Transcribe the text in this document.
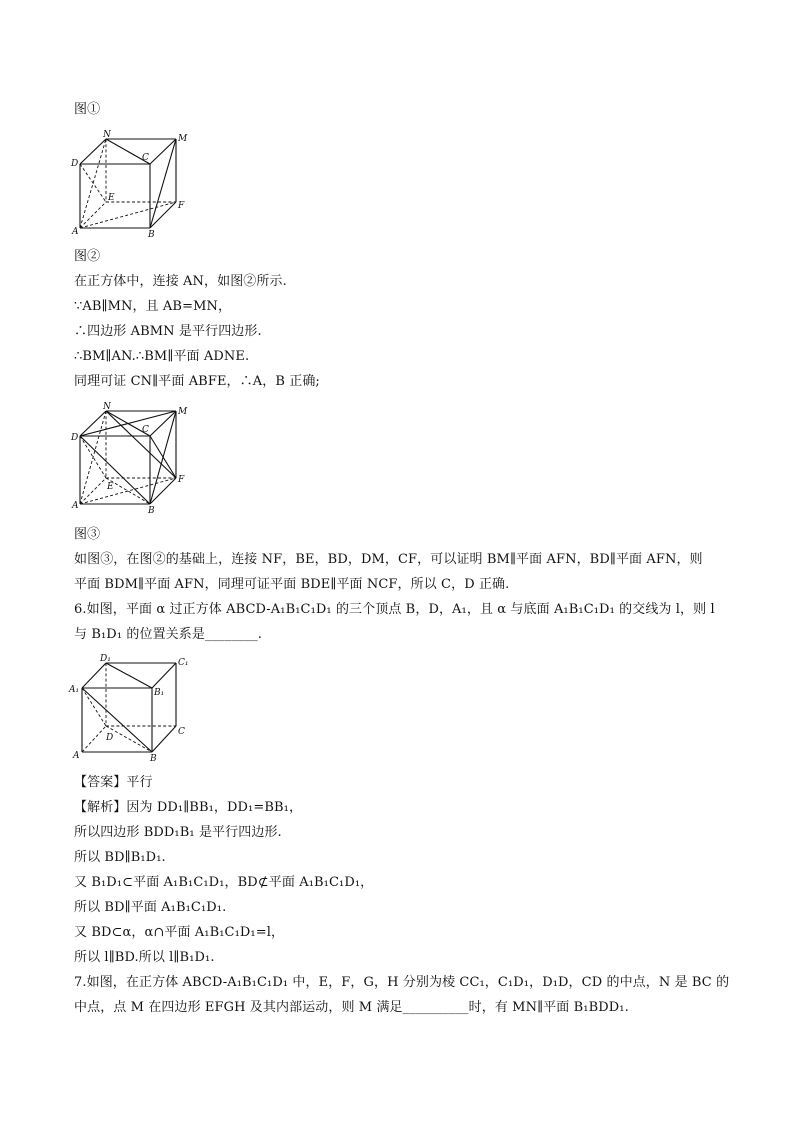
图①
N	M
D
C
E
F
A	B
图②
在正方体中，连接 AN，如图②所示.
∵AB∥MN，且 AB=MN，
∴四边形 ABMN 是平行四边形.
∴BM∥AN.∴BM∥平面 ADNE.
同理可证 CN∥平面 ABFE，∴A，B 正确;
N	M
D
C
E
F
A	B
图③
如图③，在图②的基础上，连接 NF，BE，BD，DM，CF，可以证明 BM∥平面 AFN，BD∥平面 AFN，则
平面 BDM∥平面 AFN，同理可证平面 BDE∥平面 NCF，所以 C，D 正确.
6.如图，平面 α 过正方体 ABCD-A₁B₁C₁D₁ 的三个顶点 B，D，A₁，且 α 与底面 A₁B₁C₁D₁ 的交线为 l，则 l
与 B₁D₁ 的位置关系是________.
D₁	C₁
A₁	B₁
D
C
A	B
【答案】平行
【解析】因为 DD₁∥BB₁，DD₁=BB₁，
所以四边形 BDD₁B₁ 是平行四边形.
所以 BD∥B₁D₁.
又 B₁D₁⊂平面 A₁B₁C₁D₁，BD⊄平面 A₁B₁C₁D₁，
所以 BD∥平面 A₁B₁C₁D₁.
又 BD⊂α，α∩平面 A₁B₁C₁D₁=l，
所以 l∥BD.所以 l∥B₁D₁.
7.如图，在正方体 ABCD-A₁B₁C₁D₁ 中，E，F，G，H 分别为棱 CC₁，C₁D₁，D₁D，CD 的中点，N 是 BC 的
中点，点 M 在四边形 EFGH 及其内部运动，则 M 满足__________时，有 MN∥平面 B₁BDD₁.
